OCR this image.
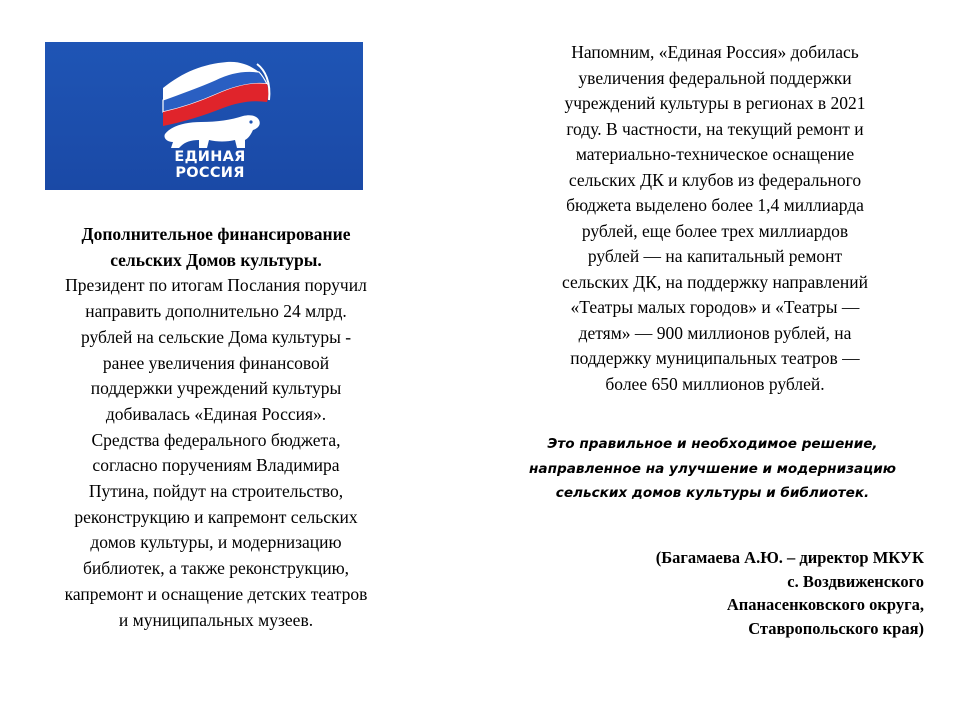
ЕДИНАЯ
РОССИЯ
Дополнительное финансирование
сельских Домов культуры.
Президент по итогам Послания поручил
направить дополнительно 24 млрд.
рублей на сельские Дома культуры -
ранее увеличения финансовой
поддержки учреждений культуры
добивалась «Единая Россия».
Средства федерального бюджета,
согласно поручениям Владимира
Путина, пойдут на строительство,
реконструкцию и капремонт сельских
домов культуры, и модернизацию
библиотек, а также реконструкцию,
капремонт и оснащение детских театров
и муниципальных музеев.
Напомним, «Единая Россия» добилась
увеличения федеральной поддержки
учреждений культуры в регионах в 2021
году. В частности, на текущий ремонт и
материально-техническое оснащение
сельских ДК и клубов из федерального
бюджета выделено более 1,4 миллиарда
рублей, еще более трех миллиардов
рублей — на капитальный ремонт
сельских ДК, на поддержку направлений
«Театры малых городов» и «Театры —
детям» — 900 миллионов рублей, на
поддержку муниципальных театров —
более 650 миллионов рублей.
Это правильное и необходимое решение,
направленное на улучшение и модернизацию
сельских домов культуры и библиотек.
(Багамаева А.Ю. – директор МКУК
с. Воздвиженского
Апанасенковского округа,
Ставропольского края)
